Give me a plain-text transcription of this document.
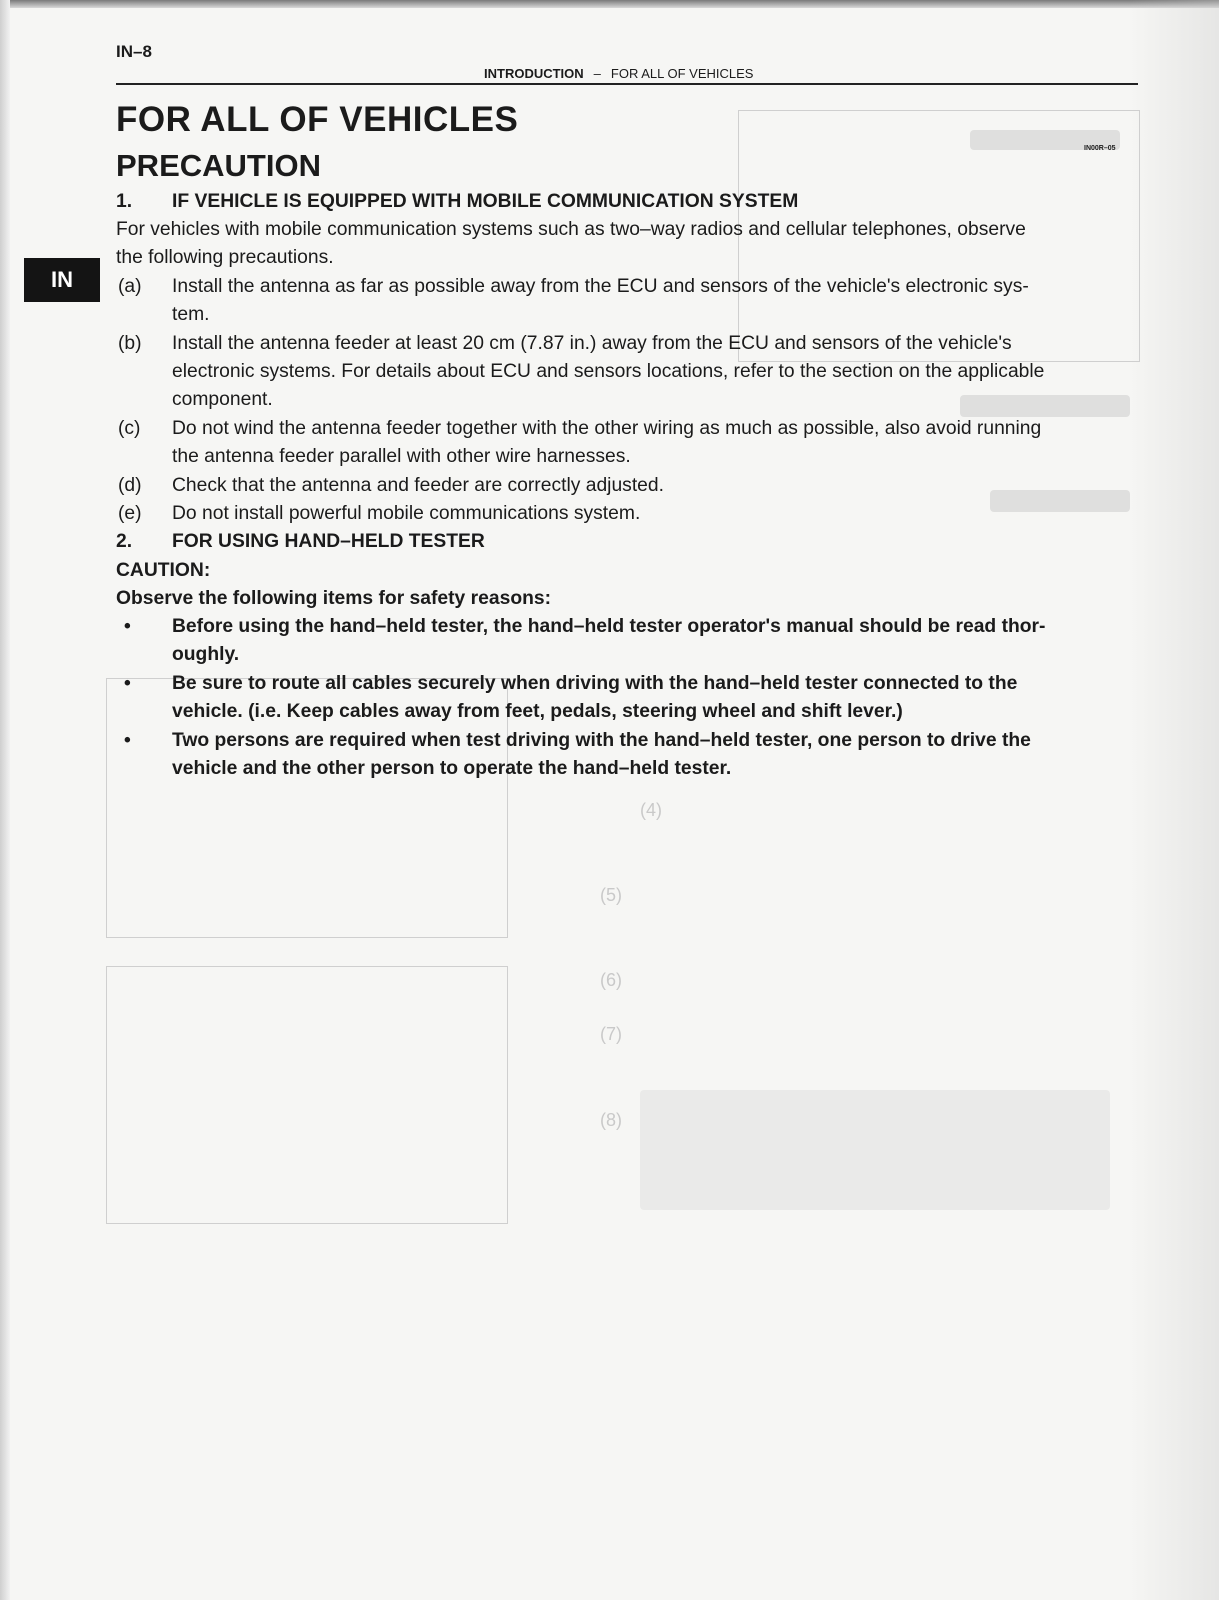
(4)
(5)
(6)
(7)
(8)
IN–8
INTRODUCTION – FOR ALL OF VEHICLES
IN
FOR ALL OF VEHICLES
PRECAUTION	IN00R–05
1. IF VEHICLE IS EQUIPPED WITH MOBILE COMMUNICATION SYSTEM
For vehicles with mobile communication systems such as two–way radios and cellular telephones, observe
the following precautions.
(a) Install the antenna as far as possible away from the ECU and sensors of the vehicle's electronic sys-
tem.
(b) Install the antenna feeder at least 20 cm (7.87 in.) away from the ECU and sensors of the vehicle's
electronic systems. For details about ECU and sensors locations, refer to the section on the applicable
component.
(c) Do not wind the antenna feeder together with the other wiring as much as possible, also avoid running
the antenna feeder parallel with other wire harnesses.
(d) Check that the antenna and feeder are correctly adjusted.
(e) Do not install powerful mobile communications system.
2. FOR USING HAND–HELD TESTER
CAUTION:
Observe the following items for safety reasons:
• Before using the hand–held tester, the hand–held tester operator's manual should be read thor-
oughly.
• Be sure to route all cables securely when driving with the hand–held tester connected to the
vehicle. (i.e. Keep cables away from feet, pedals, steering wheel and shift lever.)
• Two persons are required when test driving with the hand–held tester, one person to drive the
vehicle and the other person to operate the hand–held tester.
